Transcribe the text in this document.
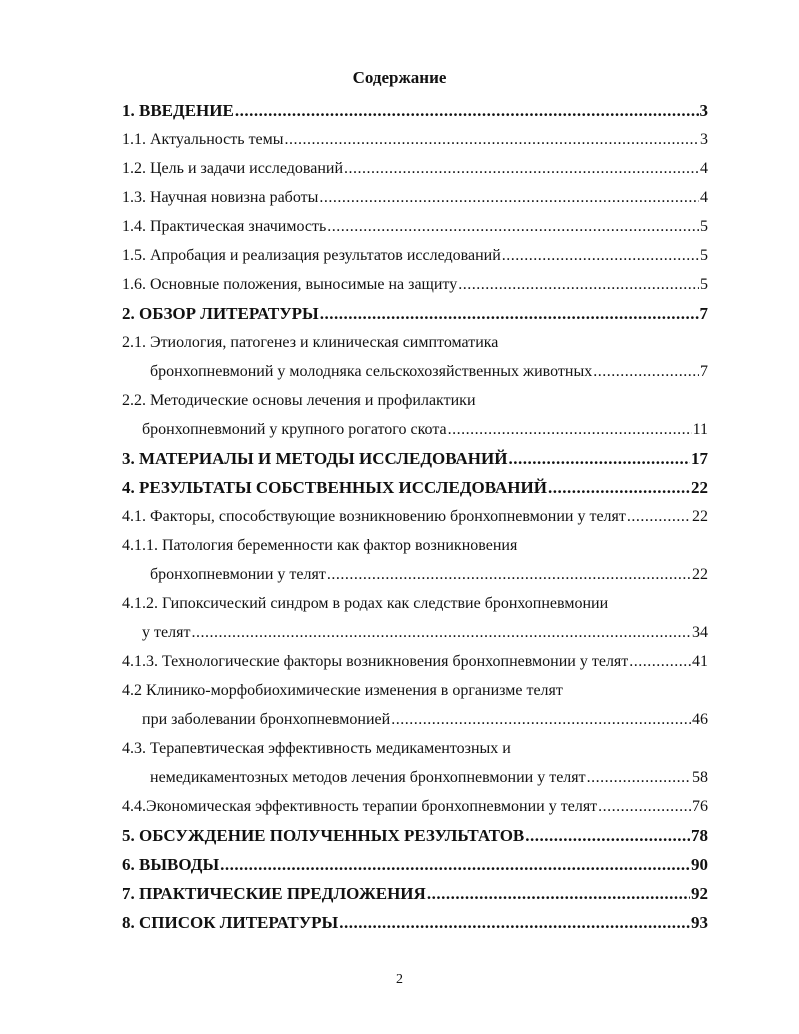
Содержание
1. ВВЕДЕНИЕ .....	3
1.1. Актуальность темы .....	3
1.2. Цель и задачи исследований .....	4
1.3. Научная новизна работы .....	4
1.4. Практическая значимость .....	5
1.5. Апробация и реализация результатов исследований .....	5
1.6. Основные положения, выносимые на защиту .....	5
2. ОБЗОР ЛИТЕРАТУРЫ .....	7
2.1. Этиология, патогенез и клиническая симптоматика
бронхопневмоний у молодняка сельскохозяйственных животных .....	7
2.2. Методические основы лечения и профилактики
бронхопневмоний у крупного рогатого скота .....	11
3. МАТЕРИАЛЫ И МЕТОДЫ ИССЛЕДОВАНИЙ .....	17
4. РЕЗУЛЬТАТЫ СОБСТВЕННЫХ ИССЛЕДОВАНИЙ .....	22
4.1. Факторы, способствующие возникновению бронхопневмонии у телят .....	22
4.1.1. Патология беременности как фактор возникновения
бронхопневмонии у телят .....	22
4.1.2. Гипоксический синдром в родах как следствие бронхопневмонии
у телят .....	34
4.1.3. Технологические факторы возникновения бронхопневмонии у телят .....	41
4.2 Клинико-морфобиохимические изменения в организме телят
при заболевании бронхопневмонией .....	46
4.3. Терапевтическая эффективность медикаментозных и
немедикаментозных методов лечения бронхопневмонии у телят .....	58
4.4.Экономическая эффективность терапии бронхопневмонии у телят .....	76
5. ОБСУЖДЕНИЕ ПОЛУЧЕННЫХ РЕЗУЛЬТАТОВ .....	78
6. ВЫВОДЫ .....	90
7. ПРАКТИЧЕСКИЕ ПРЕДЛОЖЕНИЯ .....	92
8. СПИСОК ЛИТЕРАТУРЫ .....	93
2
